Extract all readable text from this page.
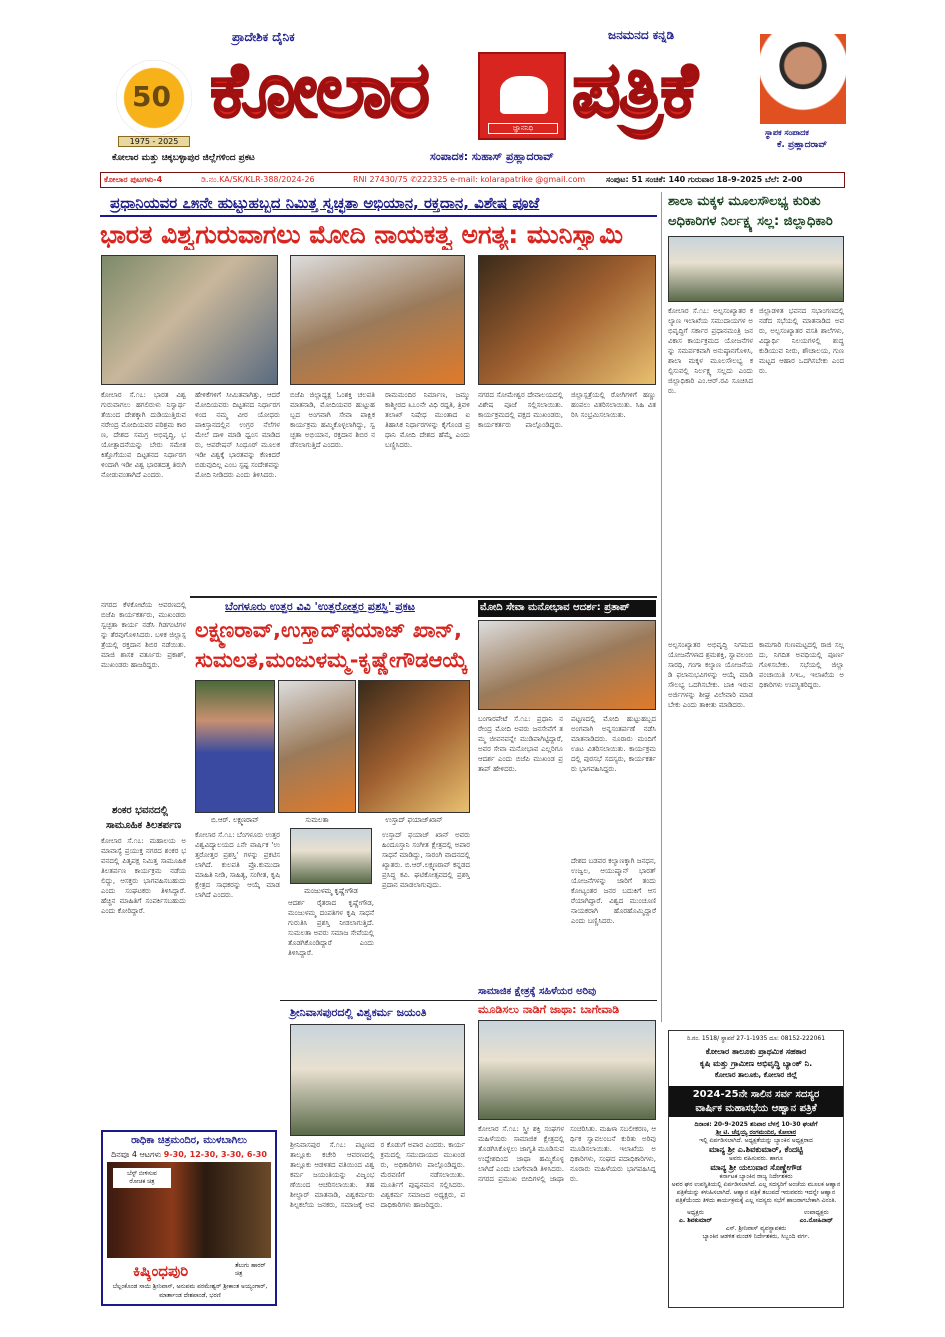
50
1975 - 2025
ಪ್ರಾದೇಶಿಕ ದೈನಿಕ	ಜನಮನದ ಕನ್ನಡಿ
ಕೋಲಾರ	ಜ್ಞಾನನಿಧಿ ಪತ್ರಿಕೆ	ಸ್ಥಾಪಕ ಸಂಪಾದಕ
ಕೆ. ಪ್ರಹ್ಲಾದರಾವ್
ಕೋಲಾರ ಮತ್ತು ಚಿಕ್ಕಬಳ್ಳಾಪುರ ಜಿಲ್ಲೆಗಳಿಂದ ಪ್ರಕಟ	ಸಂಪಾದಕ: ಸುಹಾಸ್ ಪ್ರಹ್ಲಾದರಾವ್
ಕೋಲಾರ ಪುಟಗಳು-4	ಡಿ.ನಂ.KA/SK/KLR-388/2024-26	RNI 27430/75 ✆222325 e-mail: kolarapatrike @gmail.com	ಸಂಪುಟ: 51 ಸಂಚಿಕೆ: 140 ಗುರುವಾರ 18-9-2025 ಬೆಲೆ: 2-00
ಪ್ರಧಾನಿಯವರ ೭೫ನೇ ಹುಟ್ಟುಹಬ್ಬದ ನಿಮಿತ್ತ ಸ್ವಚ್ಛತಾ ಅಭಿಯಾನ, ರಕ್ತದಾನ, ವಿಶೇಷ ಪೂಜೆ
ಭಾರತ ವಿಶ್ವಗುರುವಾಗಲು ಮೋದಿ ನಾಯಕತ್ವ ಅಗತ್ಯ: ಮುನಿಸ್ವಾಮಿ
ಕೋಲಾರ ಸೆ.೧೭: ಭಾರತ ವಿಶ್ವಗುರುವಾಗಲು ಹಗಲಿರುಳು ನಿಸ್ವಾರ್ಥತೆಯಿಂದ ದೇಶಕ್ಕಾಗಿ ದುಡಿಯುತ್ತಿರುವ ನರೇಂದ್ರ ಮೋದಿಯವರ ಪರಿಶ್ರಮ ಕಾರಣ, ದೇಶದ ಸಮಗ್ರ ಅಭಿವೃದ್ಧಿ, ಭಯೋತ್ಪಾದನೆಯನ್ನು ಬೇರು ಸಮೇತ ಕಿತ್ತೊಗೆಯುವ ದಿಟ್ಟತನದ ನಿರ್ಧಾರಗಳಿಂದಾಗಿ ಇಡೀ ವಿಶ್ವ ಭಾರತದತ್ತ ತಿರುಗಿ ನೋಡುವಂತಾಗಿದೆ ಎಂದರು.
ಹೇಳಿಕೆಗಳಿಗೆ ಸೀಮಿತವಾಗಿತ್ತು, ಆದರೆ ಮೋದಿಯವರು ದಿಟ್ಟತನದ ನಿರ್ಧಾರಗಳಿಂದ ನಮ್ಮ ವೀರ ಯೋಧರು ಪಾಕಿಸ್ತಾನದಲ್ಲಿನ ಉಗ್ರರ ನೆಲೆಗಳ ಮೇಲೆ ದಾಳಿ ಮಾಡಿ ಧ್ವಂಸ ಮಾಡಿದರು, ಆಪರೇಷನ್ ಸಿಂಧೂರ್ ಮೂಲಕ ಇಡೀ ವಿಶ್ವಕ್ಕೆ ಭಾರತವನ್ನು ಕೆಣಕಿದರೆ ಬಿಡುವುದಿಲ್ಲ ಎಂಬ ಸ್ಪಷ್ಟ ಸಂದೇಶವನ್ನು ಮೋದಿ ನೀಡಿದರು ಎಂದು ತಿಳಿಸಿದರು.
ಬಿಜೆಪಿ ಜಿಲ್ಲಾಧ್ಯಕ್ಷ ಓಂಶಕ್ತಿ ಚಲಪತಿ ಮಾತನಾಡಿ, ಮೋದಿಯವರ ಹುಟ್ಟುಹಬ್ಬದ ಅಂಗವಾಗಿ ಸೇವಾ ಪಾಕ್ಷಿಕ ಕಾರ್ಯಕ್ರಮ ಹಮ್ಮಿಕೊಳ್ಳಲಾಗಿದ್ದು, ಸ್ವಚ್ಛತಾ ಅಭಿಯಾನ, ರಕ್ತದಾನ ಶಿಬಿರ ನಡೆಸಲಾಗುತ್ತಿದೆ ಎಂದರು.
ರಾಮಮಂದಿರ ನಿರ್ಮಾಣ, ಜಮ್ಮು ಕಾಶ್ಮೀರದ ೩೭೦ನೇ ವಿಧಿ ರದ್ದತಿ, ತ್ರಿವಳಿ ತಲಾಖ್ ನಿಷೇಧ ಮುಂತಾದ ಐತಿಹಾಸಿಕ ನಿರ್ಧಾರಗಳನ್ನು ಕೈಗೊಂಡ ಪ್ರಧಾನಿ ಮೋದಿ ದೇಶದ ಹೆಮ್ಮೆ ಎಂದು ಬಣ್ಣಿಸಿದರು.
ನಗರದ ಸೋಮೇಶ್ವರ ದೇವಾಲಯದಲ್ಲಿ ವಿಶೇಷ ಪೂಜೆ ಸಲ್ಲಿಸಲಾಯಿತು. ಕಾರ್ಯಕ್ರಮದಲ್ಲಿ ಪಕ್ಷದ ಮುಖಂಡರು, ಕಾರ್ಯಕರ್ತರು ಪಾಲ್ಗೊಂಡಿದ್ದರು. ಜಿಲ್ಲಾಸ್ಪತ್ರೆಯಲ್ಲಿ ರೋಗಿಗಳಿಗೆ ಹಣ್ಣು ಹಂಪಲು ವಿತರಿಸಲಾಯಿತು. ಸಿಹಿ ವಿತರಿಸಿ ಸಂಭ್ರಮಿಸಲಾಯಿತು.
ಶಾಲಾ ಮಕ್ಕಳ ಮೂಲಸೌಲಭ್ಯ ಕುರಿತು
ಅಧಿಕಾರಿಗಳ ನಿರ್ಲಕ್ಷ್ಯ ಸಲ್ಲ: ಜಿಲ್ಲಾಧಿಕಾರಿ
ಕೋಲಾರ ಸೆ.೧೭: ಅಲ್ಪಸಂಖ್ಯಾತರ ಕಲ್ಯಾಣ ಇಲಾಖೆಯ ಸಮುದಾಯಗಳ ಅಭಿವೃದ್ಧಿಗೆ ಸರ್ಕಾರ ಪ್ರಧಾನಮಂತ್ರಿ ಜನ ವಿಕಾಸ ಕಾರ್ಯಕ್ರಮದ ಯೋಜನೆಗಳನ್ನು ಸಮರ್ಪಕವಾಗಿ ಅನುಷ್ಠಾನಗೊಳಿಸಿ, ಶಾಲಾ ಮಕ್ಕಳ ಮೂಲಸೌಲಭ್ಯ ಕಲ್ಪಿಸುವಲ್ಲಿ ನಿರ್ಲಕ್ಷ್ಯ ಸಲ್ಲದು ಎಂದು ಜಿಲ್ಲಾಧಿಕಾರಿ ಎಂ.ಆರ್.ರವಿ ಸೂಚಿಸಿದರು.
ಜಿಲ್ಲಾಡಳಿತ ಭವನದ ಸಭಾಂಗಣದಲ್ಲಿ ನಡೆದ ಸಭೆಯಲ್ಲಿ ಮಾತನಾಡಿದ ಅವರು, ಅಲ್ಪಸಂಖ್ಯಾತರ ವಸತಿ ಶಾಲೆಗಳು, ವಿದ್ಯಾರ್ಥಿ ನಿಲಯಗಳಲ್ಲಿ ಶುದ್ಧ ಕುಡಿಯುವ ನೀರು, ಶೌಚಾಲಯ, ಗುಣಮಟ್ಟದ ಆಹಾರ ಒದಗಿಸಬೇಕು ಎಂದರು.
ಅಲ್ಪಸಂಖ್ಯಾತರ ಅಭಿವೃದ್ಧಿ ನಿಗಮದ ಯೋಜನೆಗಳಾದ ಶ್ರಮಶಕ್ತಿ, ಸ್ವಾವಲಂಬಿ ಸಾರಥಿ, ಗಂಗಾ ಕಲ್ಯಾಣ ಯೋಜನೆಯಡಿ ಫಲಾನುಭವಿಗಳನ್ನು ಆಯ್ಕೆ ಮಾಡಿ ಸೌಲಭ್ಯ ಒದಗಿಸಬೇಕು. ಬಾಕಿ ಇರುವ ಅರ್ಜಿಗಳನ್ನು ಶೀಘ್ರ ವಿಲೇವಾರಿ ಮಾಡಬೇಕು ಎಂದು ತಾಕೀತು ಮಾಡಿದರು.
ಕಾಮಗಾರಿ ಗುಣಮಟ್ಟದಲ್ಲಿ ರಾಜಿ ಸಲ್ಲದು, ನಿಗದಿತ ಅವಧಿಯಲ್ಲಿ ಪೂರ್ಣಗೊಳಿಸಬೇಕು. ಸಭೆಯಲ್ಲಿ ಜಿಲ್ಲಾ ಪಂಚಾಯಿತಿ ಸಿಇಒ, ಇಲಾಖೆಯ ಅಧಿಕಾರಿಗಳು ಉಪಸ್ಥಿತರಿದ್ದರು.
ನಗರದ ಕೆಳಕೋಟೆಯ ಆವರಣದಲ್ಲಿ ಬಿಜೆಪಿ ಕಾರ್ಯಕರ್ತರು, ಮುಖಂಡರು ಸ್ವಚ್ಛತಾ ಕಾರ್ಯ ನಡೆಸಿ ಗಿಡಗಂಟಿಗಳನ್ನು ತೆರವುಗೊಳಿಸಿದರು. ಬಳಿಕ ಜಿಲ್ಲಾಸ್ಪತ್ರೆಯಲ್ಲಿ ರಕ್ತದಾನ ಶಿಬಿರ ನಡೆಯಿತು. ಮಾಜಿ ಶಾಸಕ ವರ್ತೂರು ಪ್ರಕಾಶ್, ಮುಖಂಡರು ಹಾಜರಿದ್ದರು.
ಶಂಕರ ಭವನದಲ್ಲಿ
ಸಾಮೂಹಿಕ ತಿಲತರ್ಪಣ
ಕೋಲಾರ ಸೆ.೧೭: ಮಹಾಲಯ ಅಮಾವಾಸ್ಯೆ ಪ್ರಯುಕ್ತ ನಗರದ ಶಂಕರ ಭವನದಲ್ಲಿ ಪಿತೃಪಕ್ಷ ನಿಮಿತ್ತ ಸಾಮೂಹಿಕ ತಿಲತರ್ಪಣ ಕಾರ್ಯಕ್ರಮ ನಡೆಯಲಿದ್ದು, ಆಸಕ್ತರು ಭಾಗವಹಿಸಬಹುದು ಎಂದು ಸಂಘಟಕರು ತಿಳಿಸಿದ್ದಾರೆ. ಹೆಚ್ಚಿನ ಮಾಹಿತಿಗೆ ಸಂಪರ್ಕಿಸಬಹುದು ಎಂದು ಕೋರಿದ್ದಾರೆ.
ಬೆಂಗಳೂರು ಉತ್ತರ ವಿವಿ 'ಉತ್ತರೋತ್ತರ ಪ್ರಶಸ್ತಿ' ಪ್ರಕಟ
ಲಕ್ಷ್ಮಣರಾವ್,ಉಸ್ತಾದ್‌ಫಯಾಜ್ ಖಾನ್,
ಸುಮಲತ,ಮಂಜುಳಮ್ಮ-ಕೃಷ್ಣೇಗೌಡಆಯ್ಕೆ
ಬಿ.ಆರ್. ಲಕ್ಷ್ಮಣರಾವ್	ಸುಮಲತಾ	ಉಸ್ತಾದ್ ಫಯಾಜ್‌ಖಾನ್
ಕೋಲಾರ ಸೆ.೧೭: ಬೆಂಗಳೂರು ಉತ್ತರ ವಿಶ್ವವಿದ್ಯಾಲಯದ ೭ನೇ ವಾರ್ಷಿಕ 'ಉತ್ತರೋತ್ತರ ಪ್ರಶಸ್ತಿ' ಗಳನ್ನು ಪ್ರಕಟಿಸಲಾಗಿದೆ. ಕುಲಪತಿ ಪ್ರೊ.ಕುಮುದಾ ಮಾಹಿತಿ ನೀಡಿ, ಸಾಹಿತ್ಯ, ಸಂಗೀತ, ಕೃಷಿ ಕ್ಷೇತ್ರದ ಸಾಧಕರನ್ನು ಆಯ್ಕೆ ಮಾಡಲಾಗಿದೆ ಎಂದರು.	ಮಂಜುಳಮ್ಮ ಕೃಷ್ಣೇಗೌಡ
ಆದರ್ಶ ರೈತರಾದ ಕೃಷ್ಣೇಗೌಡ, ಮಂಜುಳಮ್ಮ ದಂಪತಿಗಳ ಕೃಷಿ ಸಾಧನೆ ಗುರುತಿಸಿ ಪ್ರಶಸ್ತಿ ನೀಡಲಾಗುತ್ತಿದೆ. ಸುಮಲತಾ ಅವರು ಸಮಾಜ ಸೇವೆಯಲ್ಲಿ ತೊಡಗಿಕೊಂಡಿದ್ದಾರೆ ಎಂದು ತಿಳಿಸಿದ್ದಾರೆ.
ಉಸ್ತಾದ್ ಫಯಾಜ್ ಖಾನ್ ಅವರು ಹಿಂದೂಸ್ತಾನಿ ಸಂಗೀತ ಕ್ಷೇತ್ರದಲ್ಲಿ ಅಪಾರ ಸಾಧನೆ ಮಾಡಿದ್ದು, ಸಾರಂಗಿ ವಾದನದಲ್ಲಿ ಖ್ಯಾತರು. ಬಿ.ಆರ್.ಲಕ್ಷ್ಮಣರಾವ್ ಕನ್ನಡದ ಪ್ರಸಿದ್ಧ ಕವಿ. ಘಟಿಕೋತ್ಸವದಲ್ಲಿ ಪ್ರಶಸ್ತಿ ಪ್ರದಾನ ಮಾಡಲಾಗುವುದು.
ಮೋದಿ ಸೇವಾ ಮನೋಭಾವ ಆದರ್ಶ: ಪ್ರತಾಪ್
ಬಂಗಾರಪೇಟೆ ಸೆ.೧೭: ಪ್ರಧಾನಿ ನರೇಂದ್ರ ಮೋದಿ ಅವರು ಜನಸೇವೆಗೆ ತಮ್ಮ ಜೀವನವನ್ನೇ ಮುಡಿಪಾಗಿಟ್ಟಿದ್ದಾರೆ, ಅವರ ಸೇವಾ ಮನೋಭಾವ ಎಲ್ಲರಿಗೂ ಆದರ್ಶ ಎಂದು ಬಿಜೆಪಿ ಮುಖಂಡ ಪ್ರತಾಪ್ ಹೇಳಿದರು.
ಪಟ್ಟಣದಲ್ಲಿ ಮೋದಿ ಹುಟ್ಟುಹಬ್ಬದ ಅಂಗವಾಗಿ ಅನ್ನಸಂತರ್ಪಣೆ ನಡೆಸಿ ಮಾತನಾಡಿದರು. ನೂರಾರು ಮಂದಿಗೆ ಊಟ ವಿತರಿಸಲಾಯಿತು. ಕಾರ್ಯಕ್ರಮದಲ್ಲಿ ಪುರಸಭೆ ಸದಸ್ಯರು, ಕಾರ್ಯಕರ್ತರು ಭಾಗವಹಿಸಿದ್ದರು.
ದೇಶದ ಬಡವರ ಕಲ್ಯಾಣಕ್ಕಾಗಿ ಜನಧನ, ಉಜ್ವಲ, ಆಯುಷ್ಮಾನ್ ಭಾರತ್ ಯೋಜನೆಗಳನ್ನು ಜಾರಿಗೆ ತಂದು ಕೋಟ್ಯಂತರ ಜನರ ಬದುಕಿಗೆ ಆಸರೆಯಾಗಿದ್ದಾರೆ. ವಿಶ್ವದ ಮುಂಚೂಣಿ ನಾಯಕರಾಗಿ ಹೊರಹೊಮ್ಮಿದ್ದಾರೆ ಎಂದು ಬಣ್ಣಿಸಿದರು.
ಶ್ರೀನಿವಾಸಪುರದಲ್ಲಿ ವಿಶ್ವಕರ್ಮ ಜಯಂತಿ
ಶ್ರೀನಿವಾಸಪುರ ಸೆ.೧೭: ಪಟ್ಟಣದ ತಾಲ್ಲೂಕು ಕಚೇರಿ ಆವರಣದಲ್ಲಿ ತಾಲ್ಲೂಕು ಆಡಳಿತದ ವತಿಯಿಂದ ವಿಶ್ವಕರ್ಮ ಜಯಂತಿಯನ್ನು ವಿಜೃಂಭಣೆಯಿಂದ ಆಚರಿಸಲಾಯಿತು. ತಹಶೀಲ್ದಾರ್ ಮಾತನಾಡಿ, ವಿಶ್ವಕರ್ಮರು ಶಿಲ್ಪಕಲೆಯ ಜನಕರು, ಸಮಾಜಕ್ಕೆ ಅವರ ಕೊಡುಗೆ ಅಪಾರ ಎಂದರು. ಕಾರ್ಯಕ್ರಮದಲ್ಲಿ ಸಮುದಾಯದ ಮುಖಂಡರು, ಅಧಿಕಾರಿಗಳು ಪಾಲ್ಗೊಂಡಿದ್ದರು. ಮೆರವಣಿಗೆ ನಡೆಸಲಾಯಿತು. ಮೂರ್ತಿಗೆ ಪುಷ್ಪನಮನ ಸಲ್ಲಿಸಿದರು. ವಿಶ್ವಕರ್ಮ ಸಮಾಜದ ಅಧ್ಯಕ್ಷರು, ಪದಾಧಿಕಾರಿಗಳು ಹಾಜರಿದ್ದರು.
ಸಾಮಾಜಿಕ ಕ್ಷೇತ್ರಕ್ಕೆ ಸಹಿಳೆಯರ ಅರಿವು
ಮೂಡಿಸಲು ನಾಡಿಗೆ ಜಾಥಾ: ಬಾಗೇವಾಡಿ
ಕೋಲಾರ ಸೆ.೧೭: ಸ್ತ್ರೀ ಶಕ್ತಿ ಸಂಘಗಳ ಮಹಿಳೆಯರು ಸಾಮಾಜಿಕ ಕ್ಷೇತ್ರದಲ್ಲಿ ತೊಡಗಿಸಿಕೊಳ್ಳಲು ಜಾಗೃತಿ ಮೂಡಿಸುವ ಉದ್ದೇಶದಿಂದ ಜಾಥಾ ಹಮ್ಮಿಕೊಳ್ಳಲಾಗಿದೆ ಎಂದು ಬಾಗೇವಾಡಿ ತಿಳಿಸಿದರು. ನಗರದ ಪ್ರಮುಖ ಬೀದಿಗಳಲ್ಲಿ ಜಾಥಾ ಸಂಚರಿಸಿತು. ಮಹಿಳಾ ಸಬಲೀಕರಣ, ಆರ್ಥಿಕ ಸ್ವಾವಲಂಬನೆ ಕುರಿತು ಅರಿವು ಮೂಡಿಸಲಾಯಿತು. ಇಲಾಖೆಯ ಅಧಿಕಾರಿಗಳು, ಸಂಘದ ಪದಾಧಿಕಾರಿಗಳು, ನೂರಾರು ಮಹಿಳೆಯರು ಭಾಗವಹಿಸಿದ್ದರು.
ರಾಧಿಕಾ ಚಿತ್ರಮಂದಿರ, ಮುಳಬಾಗಿಲು
ದಿನವೂ 4 ಆಟಗಳು 9-30, 12-30, 3-30, 6-30
ಬೆಸ್ಟ್ ಬೀಳಿಸುವ
ರೋಚಕ ಚಿತ್ರ
ಕಿಷ್ಕಿಂಧಪುರಿ	ತೆಲುಗು ಹಾರರ್ ಚಿತ್ರ
ಬೆಲ್ಲಂಕೊಂಡ ಸಾಯಿ ಶ್ರೀನಿವಾಸ್, ಅನುಪಮ ಪರಮೇಶ್ವರ್ ಶ್ರೀಕಾಂತ ಅಯ್ಯಂಗಾರ್, ಮಾರ್ತಾಂಡ ದೇಶಪಾಂಡೆ, ಭರಣಿ
ರಿ.ನಂ. 1518/ ಸ್ಥಾಪನೆ 27-1-1935 ದೂ: 08152-222061
ಕೋಲಾರ ತಾಲೂಕು ಪ್ರಾಥಮಿಕ ಸಹಕಾರ
ಕೃಷಿ ಮತ್ತು ಗ್ರಾಮೀಣ ಅಭಿವೃದ್ಧಿ ಬ್ಯಾಂಕ್ ನಿ.
ಕೋಲಾರ ತಾಲೂಕು, ಕೋಲಾರ ಜಿಲ್ಲೆ
2024-25ನೇ ಸಾಲಿನ ಸರ್ವ ಸದಸ್ಯರ
ವಾರ್ಷಿಕ ಮಹಾಸಭೆಯ ಆಹ್ವಾನ ಪತ್ರಿಕೆ
ದಿನಾಂಕ: 20-9-2025 ಶನಿವಾರ ಬೆಳಗ್ಗೆ 10-30 ಘಂಟೆಗೆ
ಶ್ರೀ ಟಿ. ಚೆನ್ನಯ್ಯ ರಂಗಮಂದಿರ, ಕೋಲಾರ
ಇಲ್ಲಿ ಏರ್ಪಡಿಸಲಾಗಿದೆ. ಅಧ್ಯಕ್ಷತೆಯನ್ನು ಬ್ಯಾಂಕಿನ ಅಧ್ಯಕ್ಷರಾದ
ಮಾನ್ಯ ಶ್ರೀ ಎ.ಶಿವಕುಮಾರ್, ಕೆಂದಟ್ಟಿ
ಅವರು ವಹಿಸುವರು. ಹಾಗೂ
ಮಾನ್ಯ ಶ್ರೀ ಯಲುವಾರ ಸೊಣ್ಣೇಗೌಡ
ಕರ್ನಾಟಕ ಬ್ಯಾಂಕಿನ ರಾಜ್ಯ ನಿರ್ದೇಶಕರು
ಅವರ ಘನ ಉಪಸ್ಥಿತಿಯಲ್ಲಿ ಏರ್ಪಡಿಸಲಾಗಿದೆ. ಎಲ್ಲ ಸದಸ್ಯರಿಗೆ ಅಂಚೆಯ ಮೂಲಕ ಆಹ್ವಾನ ಪತ್ರಿಕೆಯನ್ನು ಕಳುಹಿಸಲಾಗಿದೆ. ಆಹ್ವಾನ ಪತ್ರಿಕೆ ತಲುಪದೆ ಇರುವವರು ಇದನ್ನೇ ಆಹ್ವಾನ ಪತ್ರಿಕೆಯೆಂದು ತಿಳಿದು ಕಾರ್ಯಕ್ರಮಕ್ಕೆ ಎಲ್ಲ ಸದಸ್ಯರು ಸಭೆಗೆ ಹಾಜರಾಗಬೇಕಾಗಿ ವಿನಂತಿ.
ಅಧ್ಯಕ್ಷರು
ಎ. ಶಿವಕುಮಾರ್
ಉಪಾಧ್ಯಕ್ಷರು
ಎಂ.ನೋಹಿನಾಥ್
ಎಸ್. ಶ್ರೀನಿವಾಸ್ ವ್ಯವಸ್ಥಾಪಕರು
ಬ್ಯಾಂಕಿನ ಆಡಳಿತ ಮಂಡಳಿ ನಿರ್ದೇಶಕರು, ಸಿಬ್ಬಂದಿ ವರ್ಗ.
